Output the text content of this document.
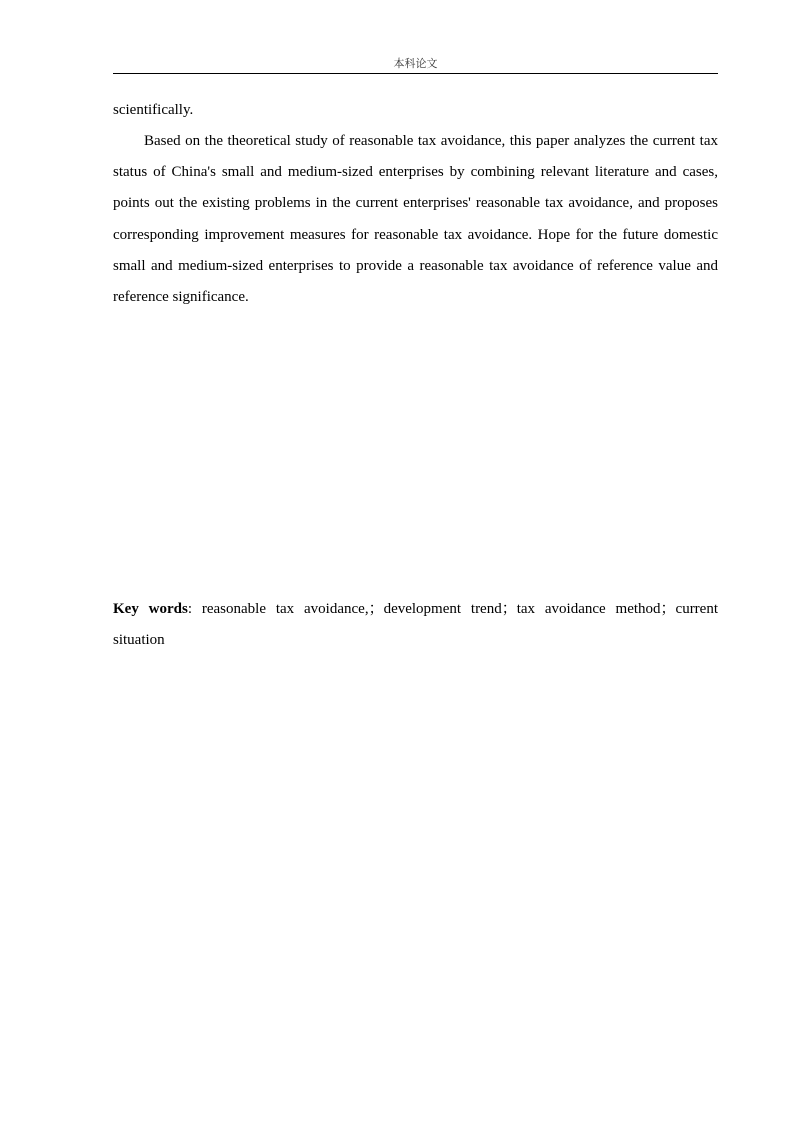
本科论文

scientifically.

Based on the theoretical study of reasonable tax avoidance, this paper analyzes the current tax status of China's small and medium-sized enterprises by combining relevant literature and cases, points out the existing problems in the current enterprises' reasonable tax avoidance, and proposes corresponding improvement measures for reasonable tax avoidance. Hope for the future domestic small and medium-sized enterprises to provide a reasonable tax avoidance of reference value and reference significance.

Key words: reasonable tax avoidance,；development trend；tax avoidance method；current situation
